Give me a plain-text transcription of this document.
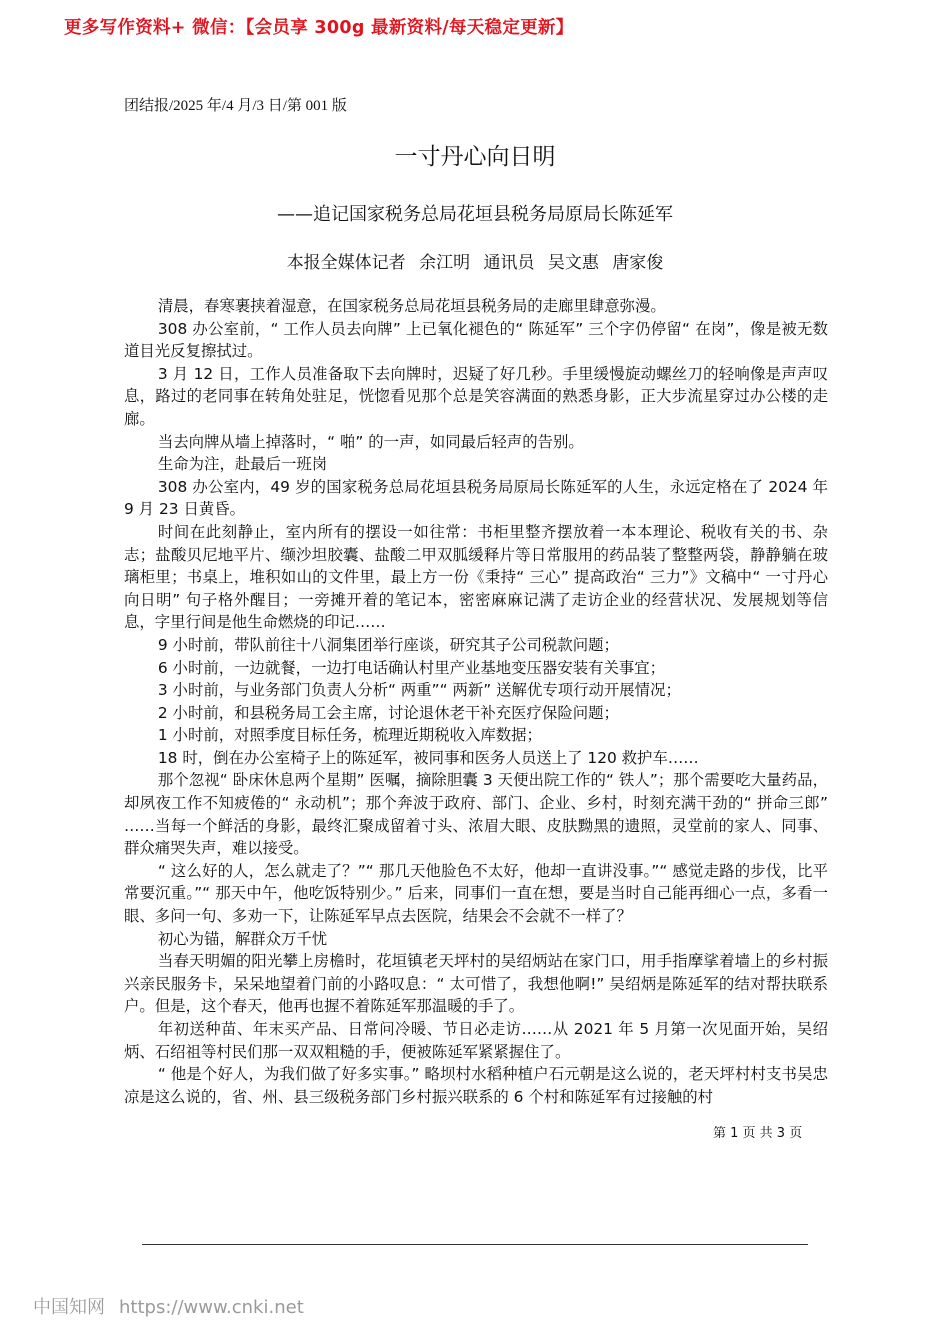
更多写作资料+ 微信：【会员享 300g 最新资料/每天稳定更新】
团结报/2025 年/4 月/3 日/第 001 版
一寸丹心向日明
——追记国家税务总局花垣县税务局原局长陈延军
本报全媒体记者 余江明 通讯员 吴文惠 唐家俊

清晨，春寒裹挟着湿意，在国家税务总局花垣县税务局的走廊里肆意弥漫。

308 办公室前，“ 工作人员去向牌” 上已氧化褪色的“ 陈延军” 三个字仍停留“ 在岗”，像是被无数道目光反复擦拭过。

3 月 12 日，工作人员准备取下去向牌时，迟疑了好几秒。手里缓慢旋动螺丝刀的轻响像是声声叹息，路过的老同事在转角处驻足，恍惚看见那个总是笑容满面的熟悉身影，正大步流星穿过办公楼的走廊。

当去向牌从墙上掉落时，“ 啪” 的一声，如同最后轻声的告别。

生命为注，赴最后一班岗

308 办公室内，49 岁的国家税务总局花垣县税务局原局长陈延军的人生，永远定格在了 2024 年 9 月 23 日黄昏。

时间在此刻静止，室内所有的摆设一如往常：书柜里整齐摆放着一本本理论、税收有关的书、杂志；盐酸贝尼地平片、缬沙坦胶囊、盐酸二甲双胍缓释片等日常服用的药品装了整整两袋，静静躺在玻璃柜里；书桌上，堆积如山的文件里，最上方一份《秉持“ 三心” 提高政治“ 三力”》文稿中“ 一寸丹心向日明” 句子格外醒目；一旁摊开着的笔记本，密密麻麻记满了走访企业的经营状况、发展规划等信息，字里行间是他生命燃烧的印记……

9 小时前，带队前往十八洞集团举行座谈，研究其子公司税款问题；

6 小时前，一边就餐，一边打电话确认村里产业基地变压器安装有关事宜；

3 小时前，与业务部门负责人分析“ 两重”“ 两新” 送解优专项行动开展情况；

2 小时前，和县税务局工会主席，讨论退休老干补充医疗保险问题；

1 小时前，对照季度目标任务，梳理近期税收入库数据；

18 时，倒在办公室椅子上的陈延军，被同事和医务人员送上了 120 救护车……

那个忽视“ 卧床休息两个星期” 医嘱，摘除胆囊 3 天便出院工作的“ 铁人”；那个需要吃大量药品，却夙夜工作不知疲倦的“ 永动机”；那个奔波于政府、部门、企业、乡村，时刻充满干劲的“ 拼命三郎” ……当每一个鲜活的身影，最终汇聚成留着寸头、浓眉大眼、皮肤黝黑的遗照，灵堂前的家人、同事、群众痛哭失声，难以接受。

“ 这么好的人，怎么就走了？”“ 那几天他脸色不太好，他却一直讲没事。”“ 感觉走路的步伐，比平常要沉重。”“ 那天中午，他吃饭特别少。” 后来，同事们一直在想，要是当时自己能再细心一点，多看一眼、多问一句、多劝一下，让陈延军早点去医院，结果会不会就不一样了？

初心为锚，解群众万千忧

当春天明媚的阳光攀上房檐时，花垣镇老天坪村的吴绍炳站在家门口，用手指摩挲着墙上的乡村振兴亲民服务卡，呆呆地望着门前的小路叹息：“ 太可惜了，我想他啊!” 吴绍炳是陈延军的结对帮扶联系户。但是，这个春天，他再也握不着陈延军那温暖的手了。

年初送种苗、年末买产品、日常问冷暖、节日必走访……从 2021 年 5 月第一次见面开始，吴绍炳、石绍祖等村民们那一双双粗糙的手，便被陈延军紧紧握住了。

“ 他是个好人，为我们做了好多实事。” 略坝村水稻种植户石元朝是这么说的，老天坪村村支书吴忠凉是这么说的，省、州、县三级税务部门乡村振兴联系的 6 个村和陈延军有过接触的村

第 1 页 共 3 页
中国知网 https://www.cnki.net
